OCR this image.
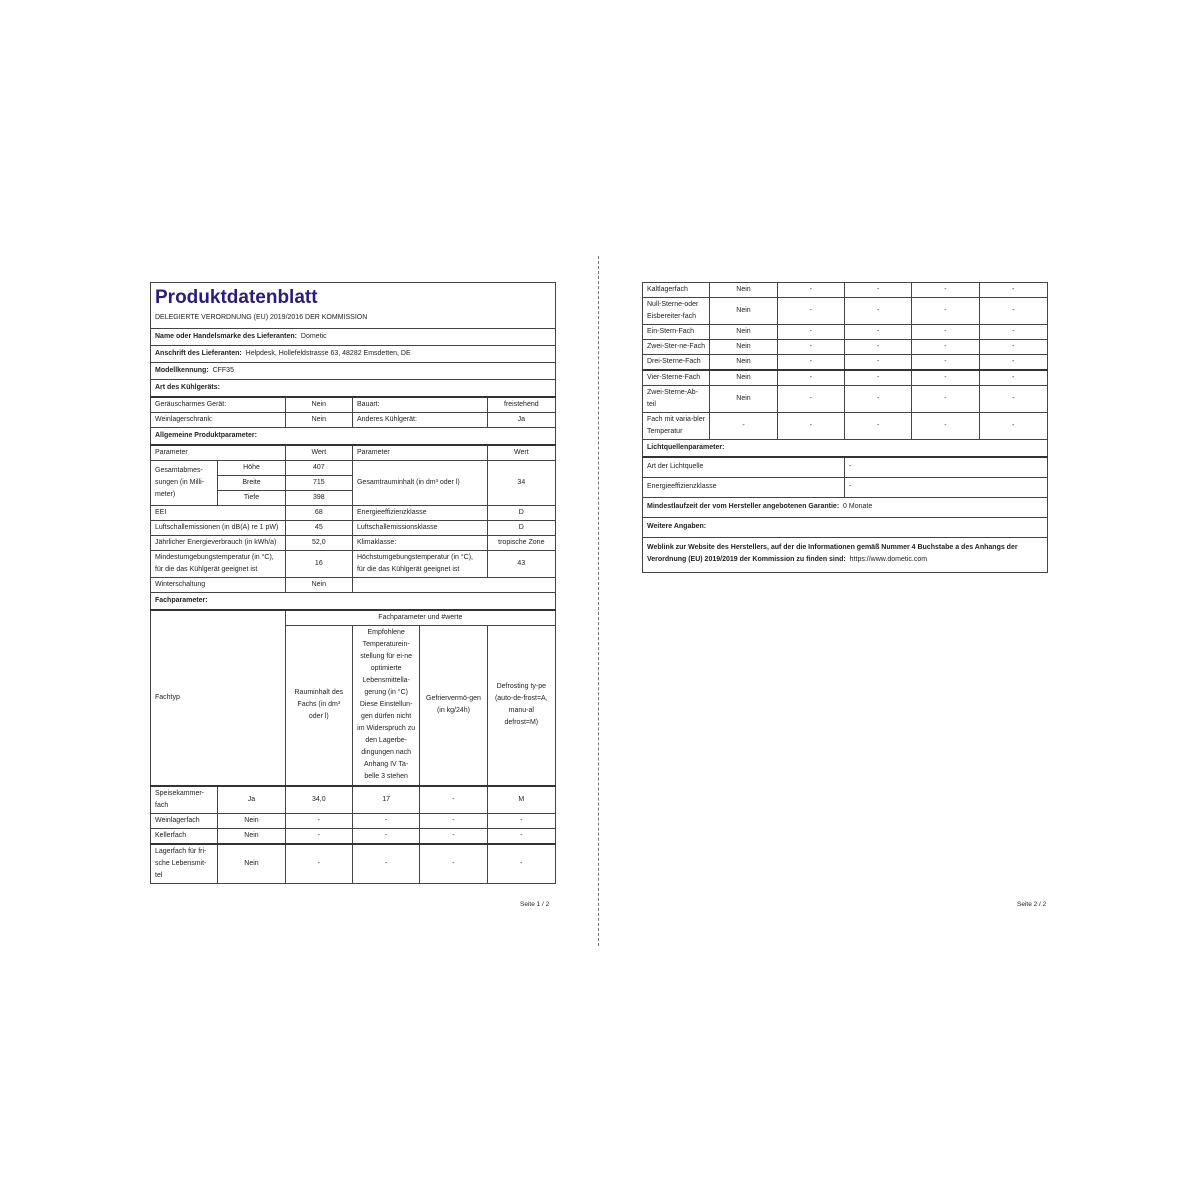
Produktdatenblatt					
DELEGIERTE VERORDNUNG (EU) 2019/2016 DER KOMMISSION					
Name oder Handelsmarke des Lieferanten: Dometic					
Anschrift des Lieferanten: Helpdesk, Hollefeldstrasse 63, 48282 Emsdetten, DE					
Modellkennung: CFF35					
Art des Kühlgeräts:					
Geräuscharmes Gerät:		Nein	Bauart:		freistehend
Weinlagerschrank:		Nein	Anderes Kühlgerät:		Ja
Allgemeine Produktparameter:					
Parameter		Wert	Parameter		Wert
Gesamtabmes-sungen (in Milli-meter)	Höhe	407	Gesamtrauminhalt (in dm³ oder l)		34
	Breite	715			
	Tiefe	398			
EEI		68	Energieeffizienzklasse		D
Luftschallemissionen (in dB(A) re 1 pW)		45	Luftschallemissionsklasse		D
Jährlicher Energieverbrauch (in kWh/a)		52,0	Klimaklasse:		tropische Zone
Mindestumgebungstemperatur (in °C), für die das Kühlgerät geeignet ist		16	Höchstumgebungstemperatur (in °C), für die das Kühlgerät geeignet ist		43
Winterschaltung		Nein			
Fachparameter:					
Fachtyp		Fachparameter und #werte			
		Rauminhalt des Fachs (in dm³ oder l)	Empfohlene Temperaturein-stellung für ei-ne optimierte Lebensmittella-gerung (in °C) Diese Einstellun-gen dürfen nicht im Widerspruch zu den Lagerbe-dingungen nach Anhang IV Ta-belle 3 stehen	Gefriervermö-gen (in kg/24h)	Defrosting ty-pe (auto-de-frost=A, manu-al defrost=M)
Speisekammer-fach	Ja	34,0	17	-	M
Weinlagerfach	Nein	-	-	-	-
Kellerfach	Nein	-	-	-	-
Lagerfach für fri-sche Lebensmit-tel	Nein	-	-	-	-
Seite 1 / 2
Kaltlagerfach	Nein	-	-	-	-
Null-Sterne-oder Eisbereiter-fach	Nein	-	-	-	-
Ein-Stern-Fach	Nein	-	-	-	-
Zwei-Ster-ne-Fach	Nein	-	-	-	-
Drei-Sterne-Fach	Nein	-	-	-	-
Vier-Sterne-Fach	Nein	-	-	-	-
Zwei-Sterne-Ab-teil	Nein	-	-	-	-
Fach mit varia-bler Temperatur	-	-	-	-	-
Lichtquellenparameter:					
Art der Lichtquelle			-		
Energieeffizienzklasse			-		
Mindestlaufzeit der vom Hersteller angebotenen Garantie: 0 Monate					
Weitere Angaben:					
Weblink zur Website des Herstellers, auf der die Informationen gemäß Nummer 4 Buchstabe a des Anhangs der Verordnung (EU) 2019/2019 der Kommission zu finden sind: https://www.dometic.com					
Seite 2 / 2
